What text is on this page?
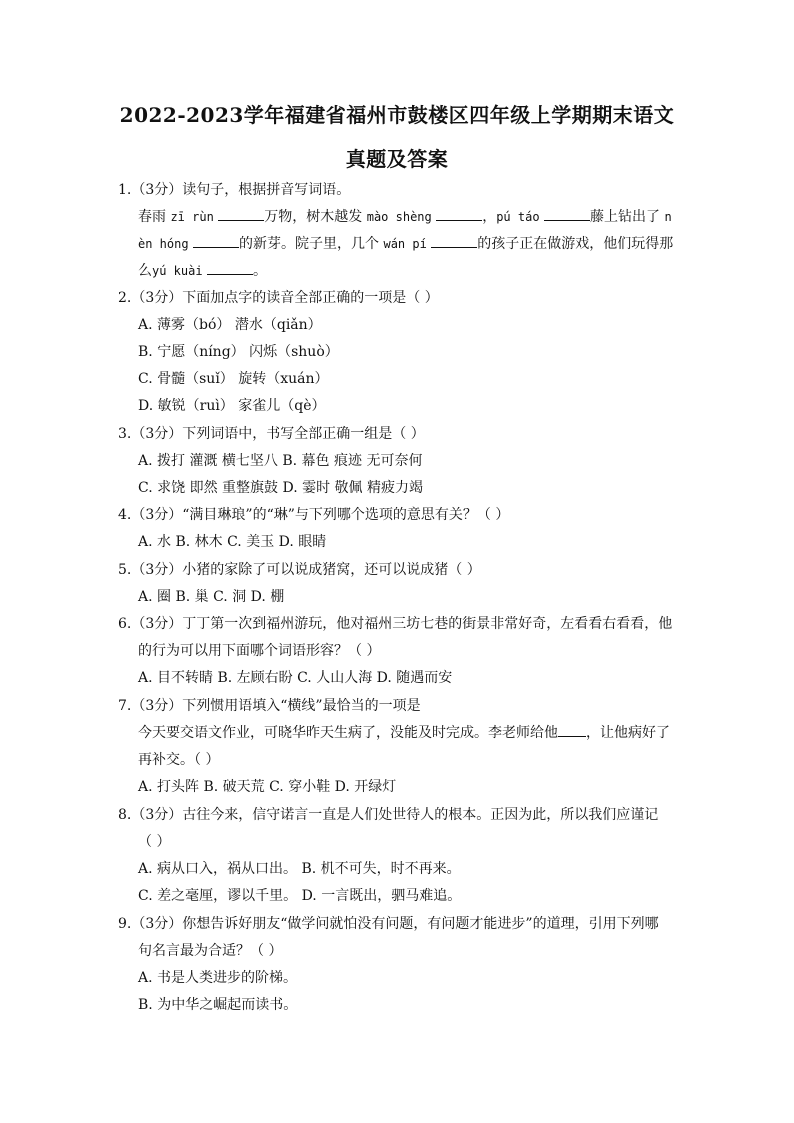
2022-2023学年福建省福州市鼓楼区四年级上学期期末语文
真题及答案
1.（3分）读句子，根据拼音写词语。
春雨 zī rùn	万物，树木越发 mào shèng	，pú táo	藤上钻出了 n
èn hóng	的新芽。院子里，几个 wán pí	的孩子正在做游戏，他们玩得那
么yú kuài	。
2.（3分）下面加点字的读音全部正确的一项是（ ）
A. 薄雾（bó） 潜水（qiǎn）
B. 宁愿（níng） 闪烁（shuò）
C. 骨髓（suǐ） 旋转（xuán）
D. 敏锐（ruì） 家雀儿（qè）
3.（3分）下列词语中，书写全部正确一组是（ ）
A. 拨打 灌溉 横七坚八 B. 幕色 痕迹 无可奈何
C. 求饶 即然 重整旗鼓 D. 霎时 敬佩 精疲力竭
4.（3分）“满目琳琅”的“琳”与下列哪个选项的意思有关？（ ）
A. 水 B. 林木 C. 美玉 D. 眼睛
5.（3分）小猪的家除了可以说成猪窝，还可以说成猪（ ）
A. 圈 B. 巢 C. 洞 D. 棚
6.（3分）丁丁第一次到福州游玩，他对福州三坊七巷的街景非常好奇，左看看右看看，他
的行为可以用下面哪个词语形容？（ ）
A. 目不转睛 B. 左顾右盼 C. 人山人海 D. 随遇而安
7.（3分）下列惯用语填入“横线”最恰当的一项是
今天要交语文作业，可晓华昨天生病了，没能及时完成。李老师给他 ，让他病好了
再补交。（ ）
A. 打头阵 B. 破天荒 C. 穿小鞋 D. 开绿灯
8.（3分）古往今来，信守诺言一直是人们处世待人的根本。正因为此，所以我们应谨记
（ ）
A. 病从口入，祸从口出。 B. 机不可失，时不再来。
C. 差之毫厘，谬以千里。 D. 一言既出，驷马难追。
9.（3分）你想告诉好朋友“做学问就怕没有问题，有问题才能进步”的道理，引用下列哪
句名言最为合适？（ ）
A. 书是人类进步的阶梯。
B. 为中华之崛起而读书。
